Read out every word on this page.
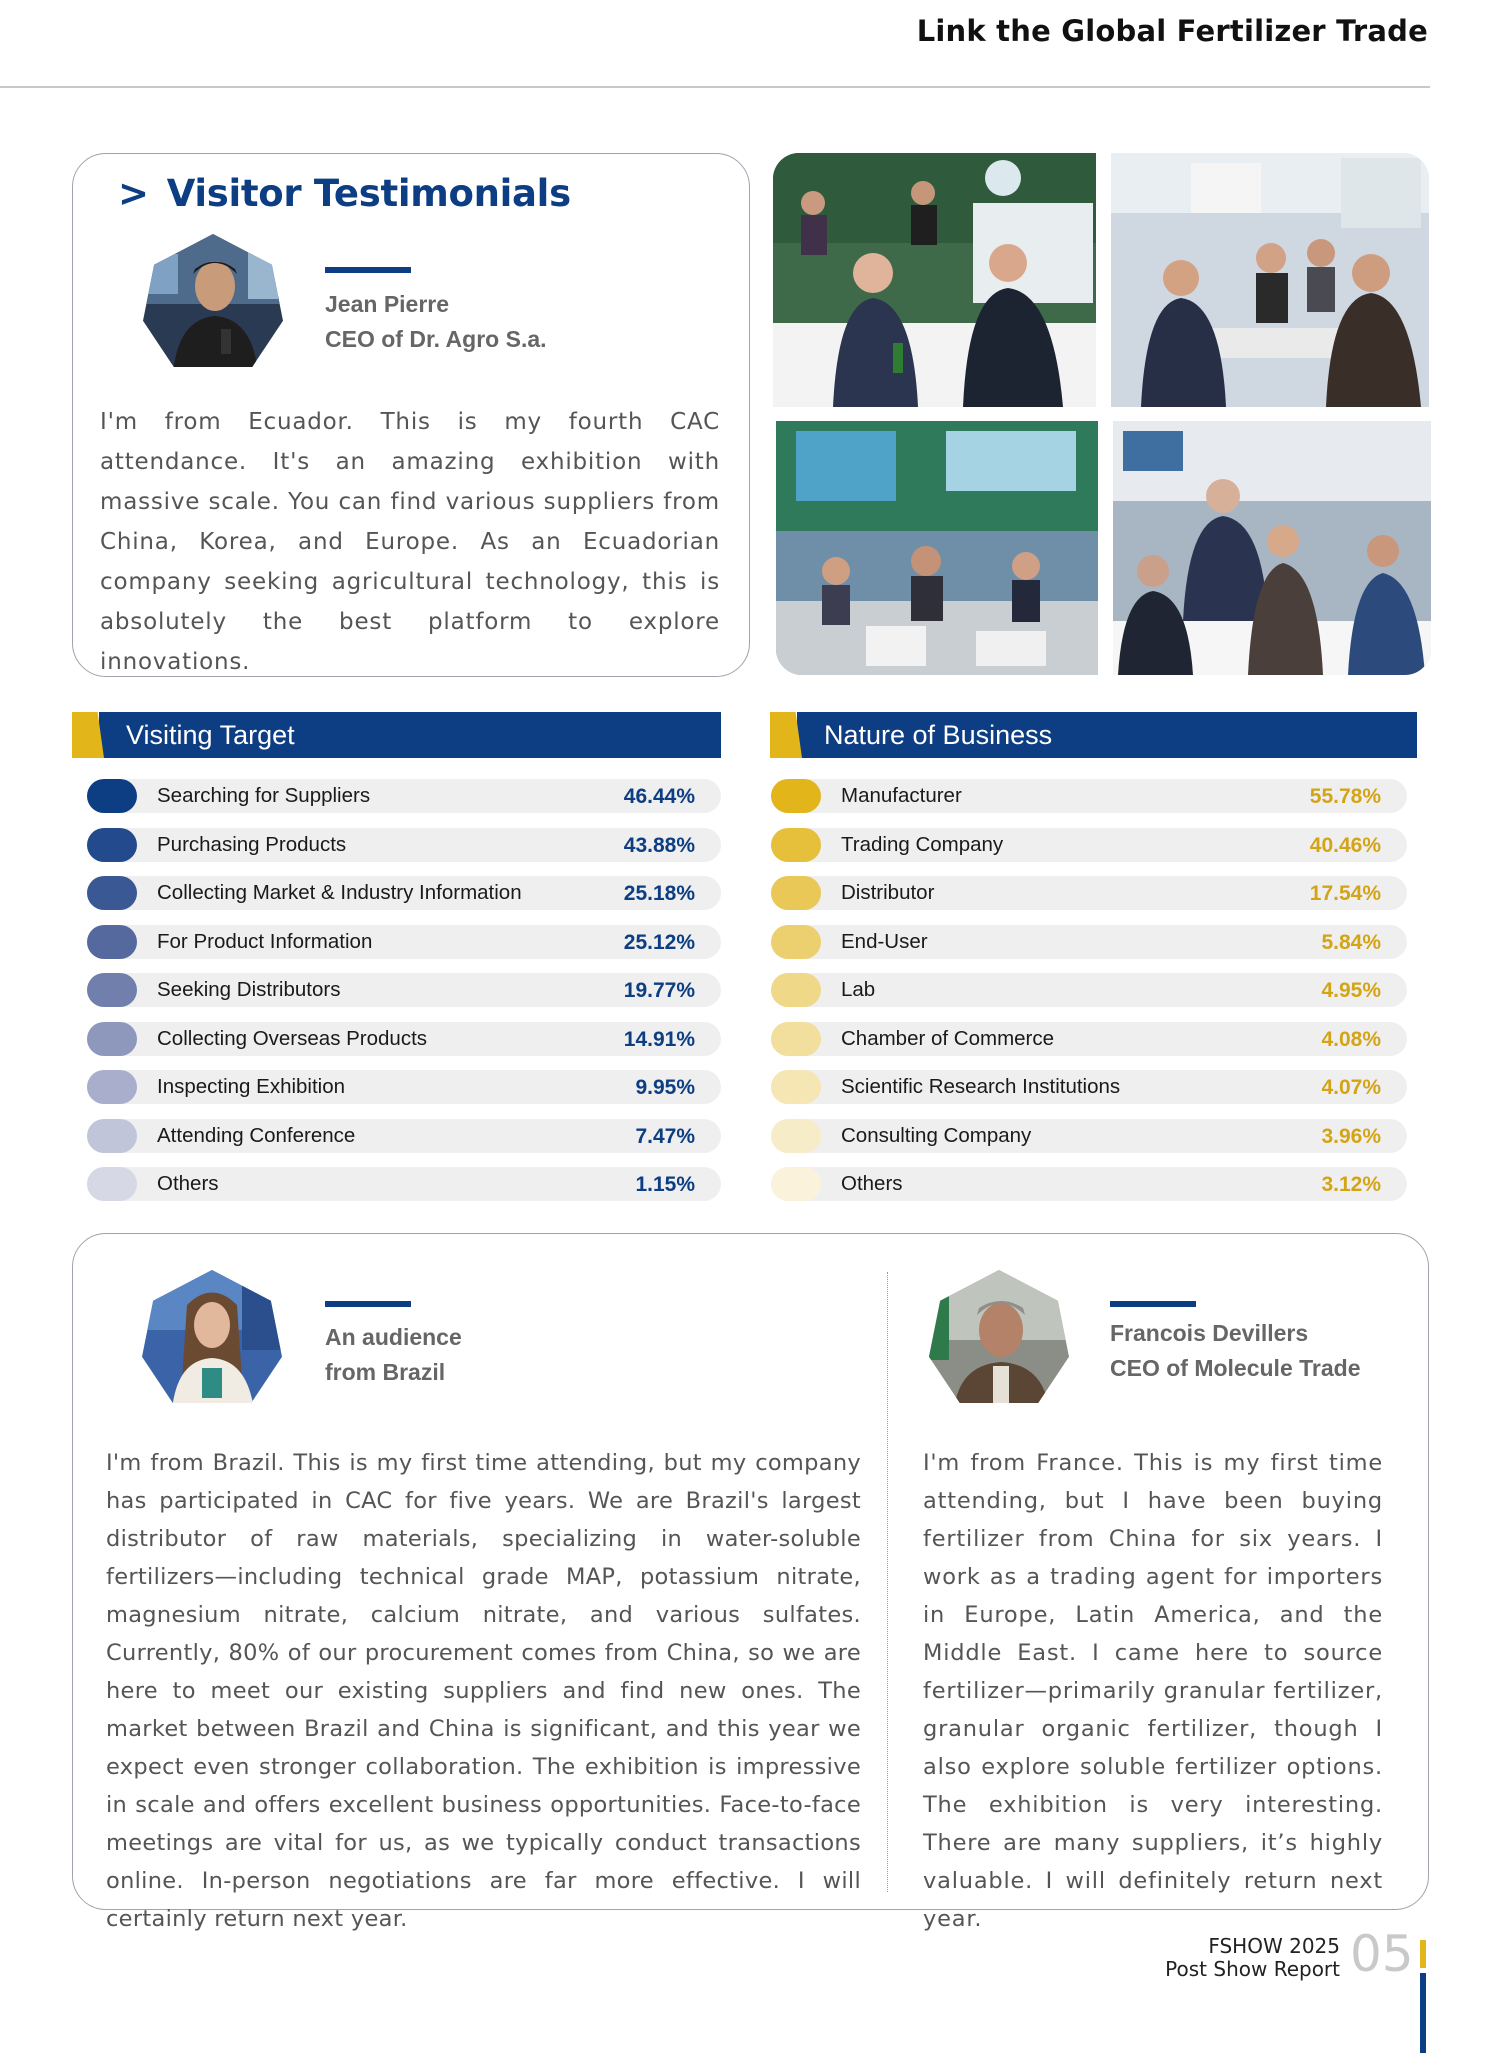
Link the Global Fertilizer Trade
> Visitor Testimonials
Jean Pierre
CEO of Dr. Agro S.a.
I'm from Ecuador. This is my fourth CAC attendance. It's an amazing exhibition with massive scale. You can find various suppliers from China, Korea, and Europe. As an Ecuadorian company seeking agricultural technology, this is absolutely the best platform to explore innovations.
Visiting Target
Searching for Suppliers	46.44%
Purchasing Products	43.88%
Collecting Market & Industry Information	25.18%
For Product Information	25.12%
Seeking Distributors	19.77%
Collecting Overseas Products	14.91%
Inspecting Exhibition	9.95%
Attending Conference	7.47%
Others	1.15%
Nature of Business
Manufacturer	55.78%
Trading Company	40.46%
Distributor	17.54%
End-User	5.84%
Lab	4.95%
Chamber of Commerce	4.08%
Scientific Research Institutions	4.07%
Consulting Company	3.96%
Others	3.12%
An audience
from Brazil
I'm from Brazil. This is my first time attending, but my company has participated in CAC for five years. We are Brazil's largest distributor of raw materials, specializing in water-soluble fertilizers—including technical grade MAP, potassium nitrate, magnesium nitrate, calcium nitrate, and various sulfates. Currently, 80% of our procurement comes from China, so we are here to meet our existing suppliers and find new ones. The market between Brazil and China is significant, and this year we expect even stronger collaboration. The exhibition is impressive in scale and offers excellent business opportunities. Face-to-face meetings are vital for us, as we typically conduct transactions online. In-person negotiations are far more effective. I will certainly return next year.
Francois Devillers
CEO of Molecule Trade
I'm from France. This is my first time attending, but I have been buying fertilizer from China for six years. I work as a trading agent for importers in Europe, Latin America, and the Middle East. I came here to source fertilizer—primarily granular fertilizer, granular organic fertilizer, though I also explore soluble fertilizer options. The exhibition is very interesting. There are many suppliers, it’s highly valuable. I will definitely return next year.
FSHOW 2025
Post Show Report 05
